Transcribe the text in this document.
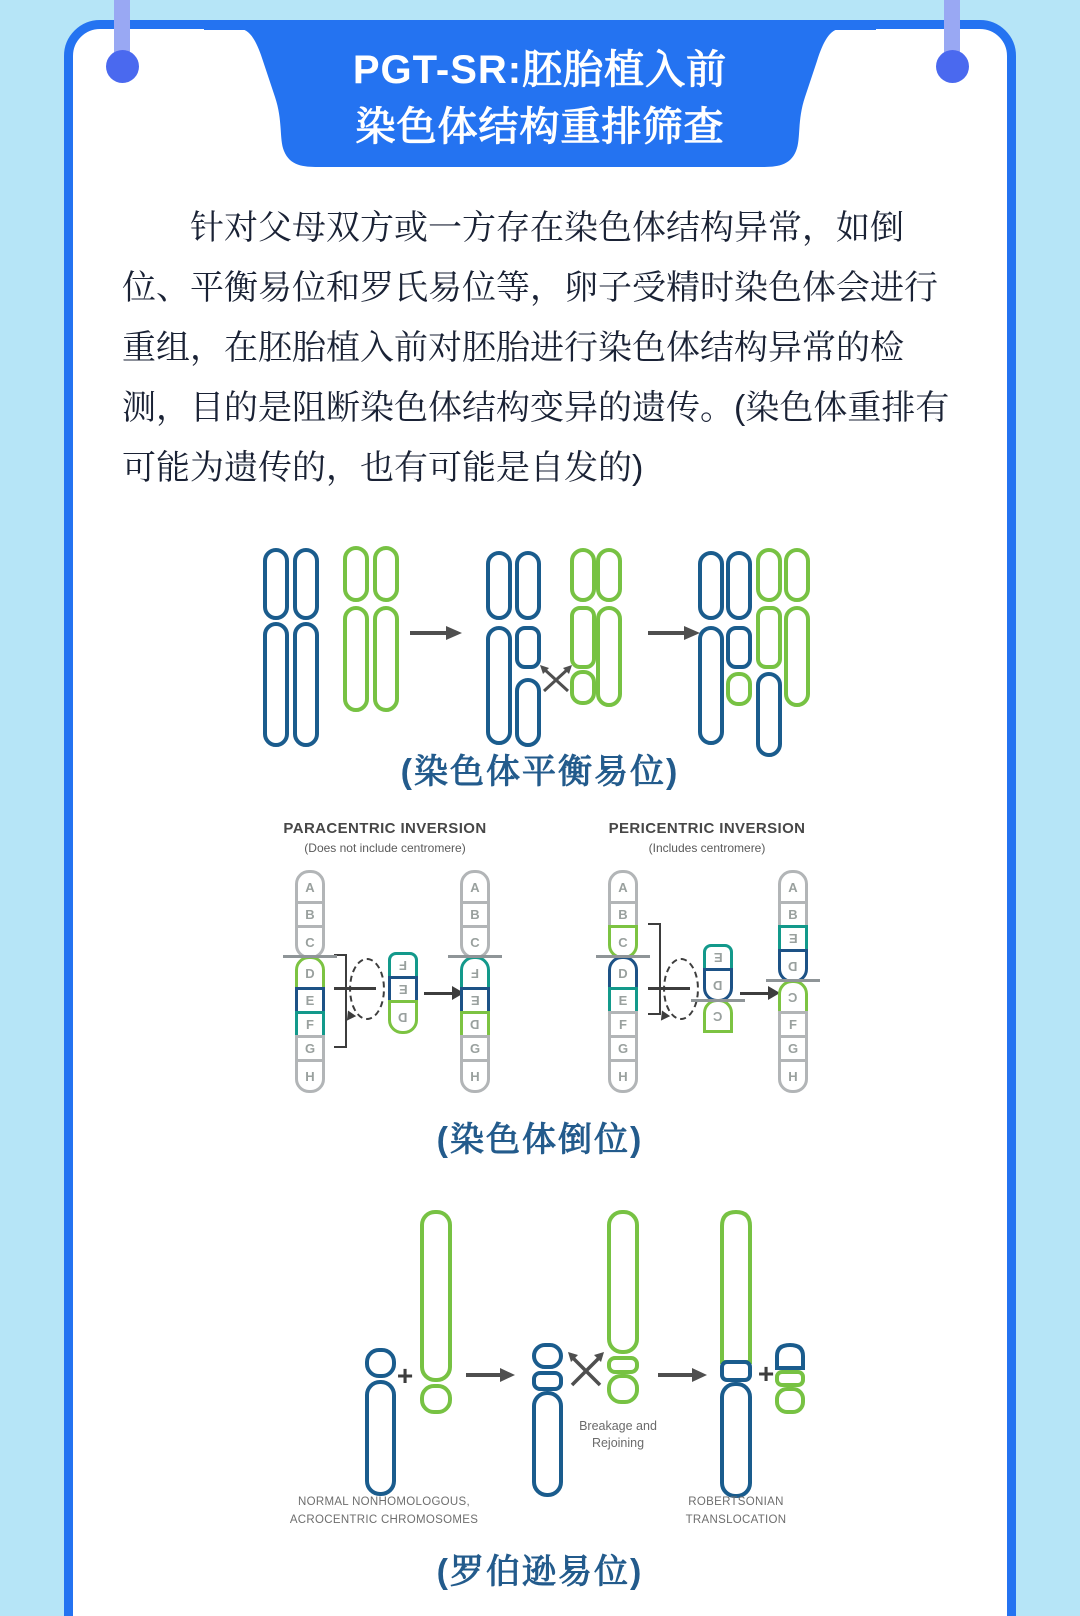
PGT-SR:胚胎植入前
染色体结构重排筛查
针对父母双方或一方存在染色体结构异常，如倒位、平衡易位和罗氏易位等，卵子受精时染色体会进行重组，在胚胎植入前对胚胎进行染色体结构异常的检测，目的是阻断染色体结构变异的遗传。(染色体重排有可能为遗传的，也有可能是自发的)
(染色体平衡易位)
PARACENTRIC INVERSION
(Does not include centromere)
A
B
C
D
E
F
G
H
F
E
D
A
B
C
F
E
D
G
H
PERICENTRIC INVERSION
(Includes centromere)
A
B
C
D
E
F
G
H
E
D
C
A
B
E
D
C
F
G
H
(染色体倒位)
+
Breakage and
Rejoining
+
NORMAL NONHOMOLOGOUS,
ACROCENTRIC CHROMOSOMES
ROBERTSONIAN
TRANSLOCATION
(罗伯逊易位)
